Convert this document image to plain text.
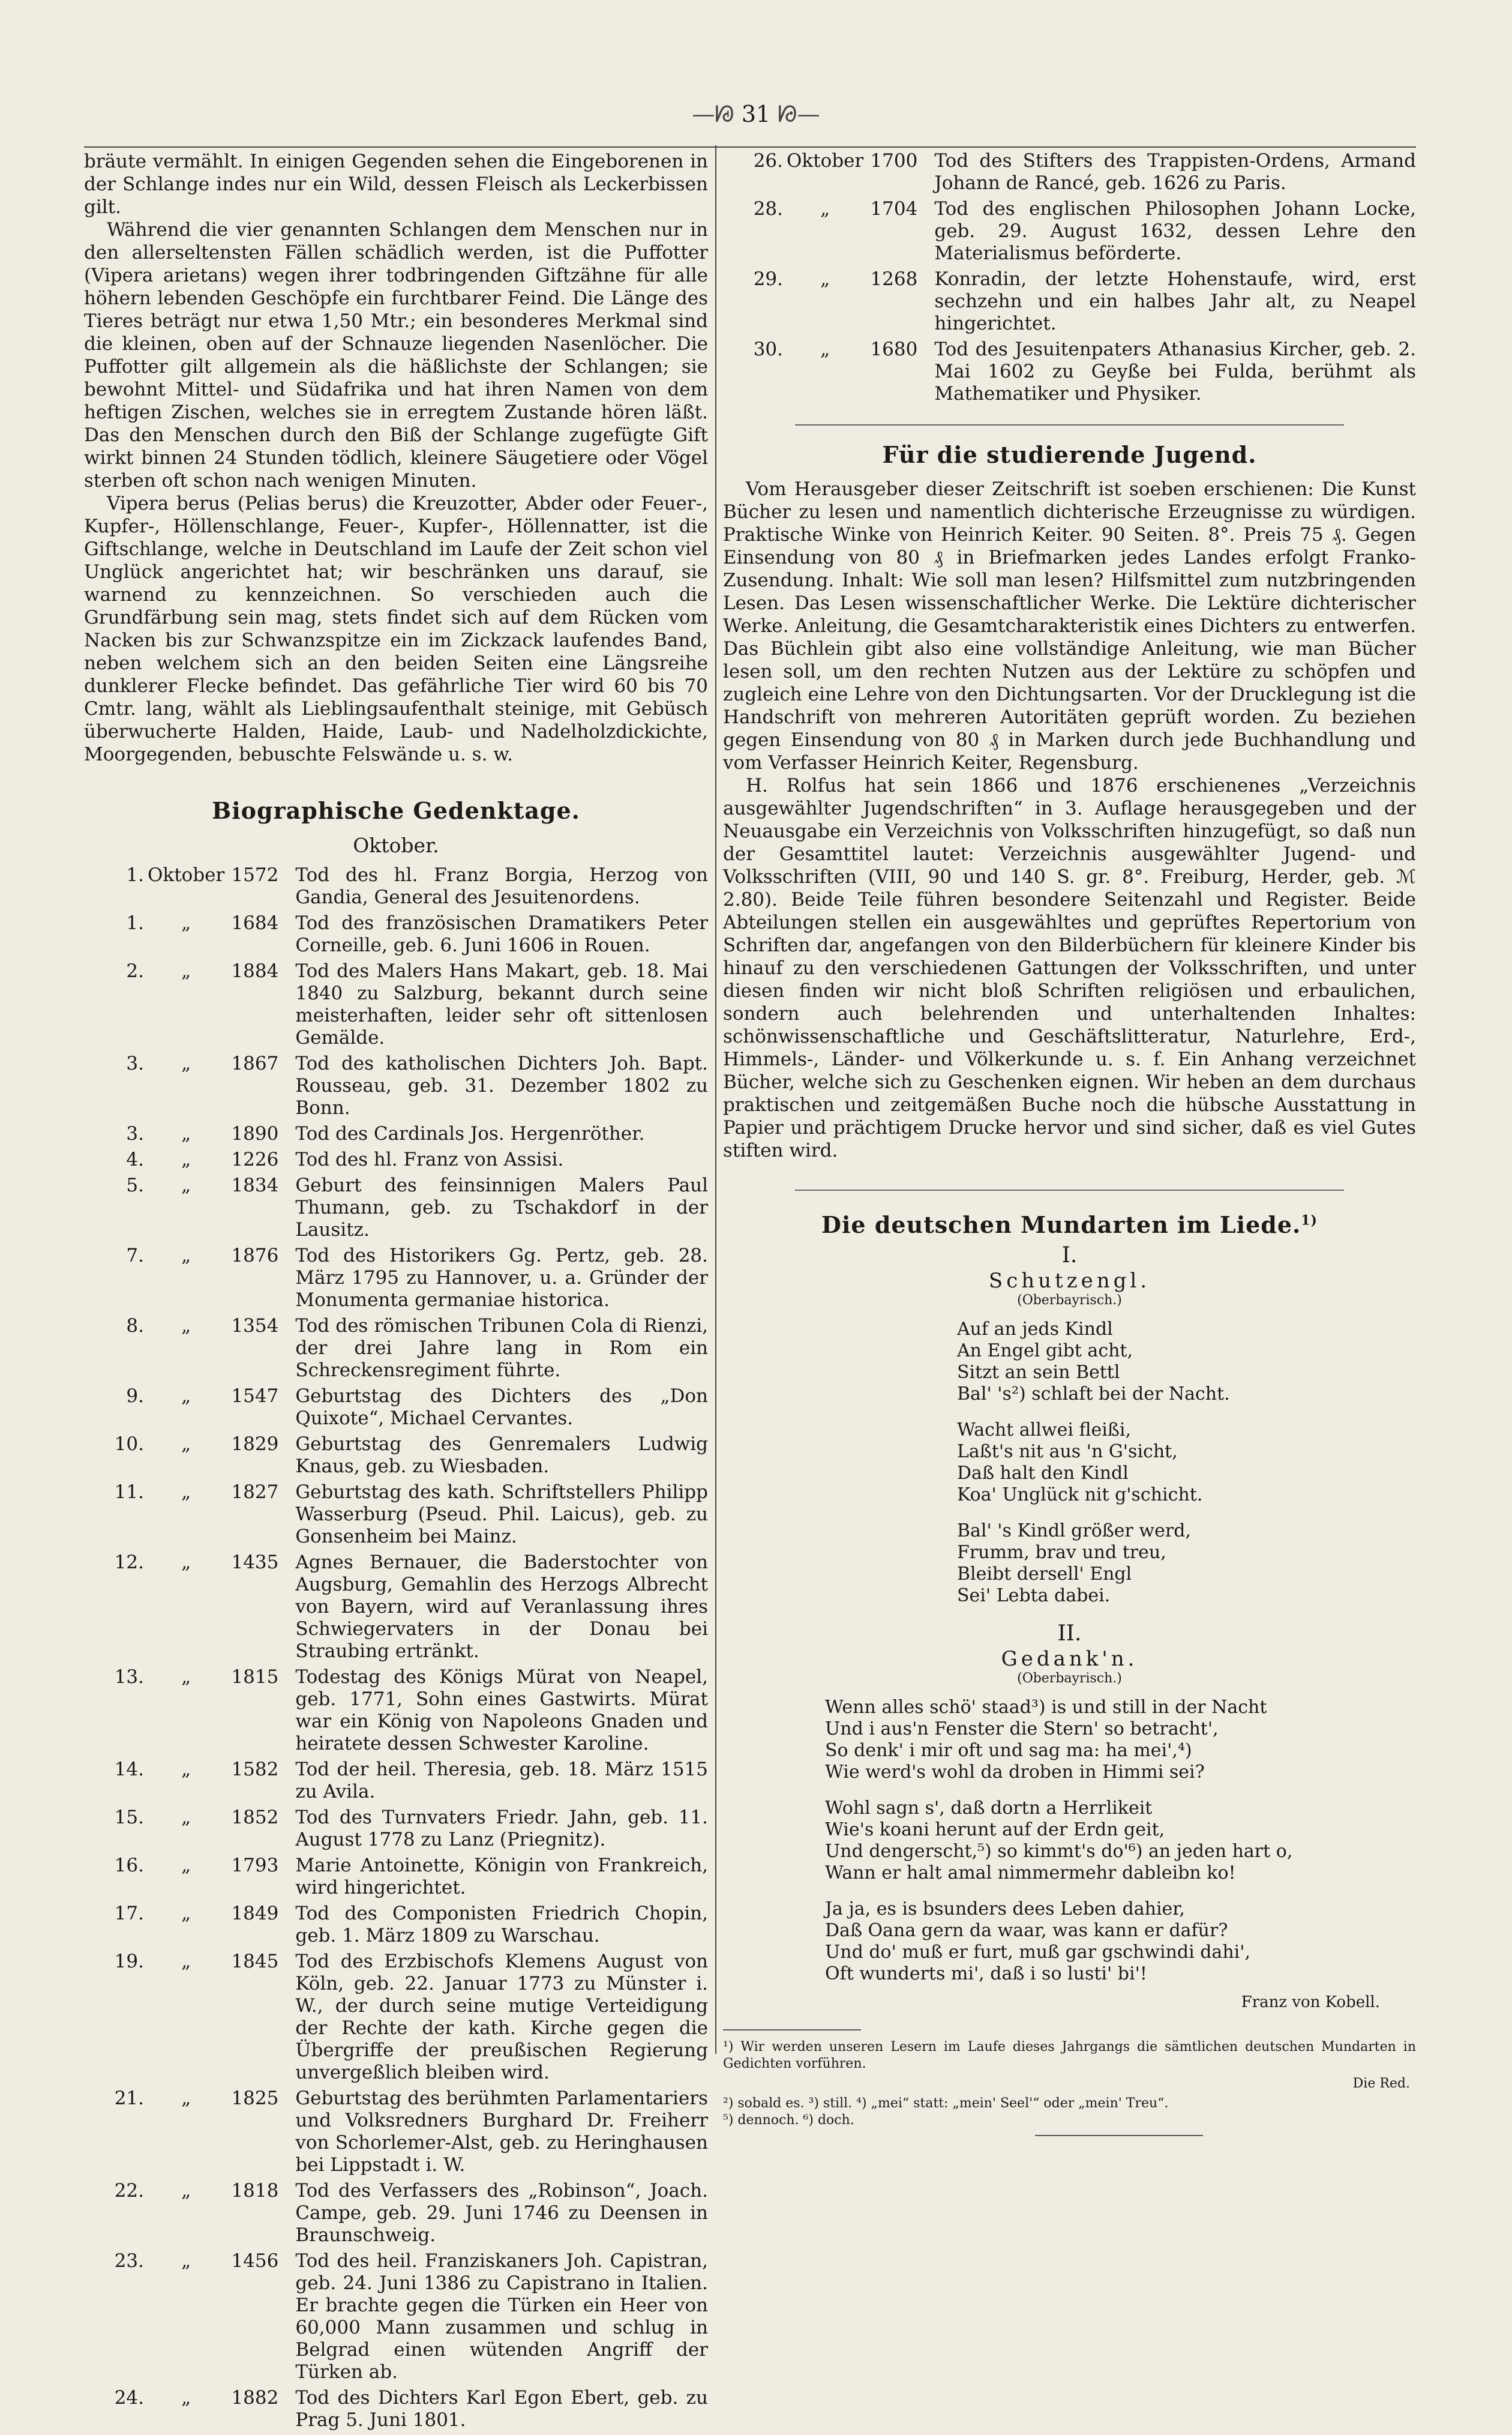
—ᘘ 31 ᘙ—

bräute vermählt. In einigen Gegenden sehen die Eingeborenen in der Schlange indes nur ein Wild, dessen Fleisch als Leckerbissen gilt.

Während die vier genannten Schlangen dem Menschen nur in den allerseltensten Fällen schädlich werden, ist die Puffotter (Vipera arietans) wegen ihrer todbringenden Giftzähne für alle höhern lebenden Geschöpfe ein furchtbarer Feind. Die Länge des Tieres beträgt nur etwa 1,50 Mtr.; ein besonderes Merkmal sind die kleinen, oben auf der Schnauze liegenden Nasenlöcher. Die Puffotter gilt allgemein als die häßlichste der Schlangen; sie bewohnt Mittel- und Südafrika und hat ihren Namen von dem heftigen Zischen, welches sie in erregtem Zustande hören läßt. Das den Menschen durch den Biß der Schlange zugefügte Gift wirkt binnen 24 Stunden tödlich, kleinere Säugetiere oder Vögel sterben oft schon nach wenigen Minuten.

Vipera berus (Pelias berus) die Kreuzotter, Abder oder Feuer-, Kupfer-, Höllenschlange, Feuer-, Kupfer-, Höllennatter, ist die Giftschlange, welche in Deutschland im Laufe der Zeit schon viel Unglück angerichtet hat; wir beschränken uns darauf, sie warnend zu kennzeichnen. So verschieden auch die Grundfärbung sein mag, stets findet sich auf dem Rücken vom Nacken bis zur Schwanzspitze ein im Zickzack laufendes Band, neben welchem sich an den beiden Seiten eine Längsreihe dunklerer Flecke befindet. Das gefährliche Tier wird 60 bis 70 Cmtr. lang, wählt als Lieblingsaufenthalt steinige, mit Gebüsch überwucherte Halden, Haide, Laub- und Nadelholzdickichte, Moorgegenden, bebuschte Felswände u. s. w.

Biographische Gedenktage.
Oktober.
1.	Oktober	1572	Tod des hl. Franz Borgia, Herzog von Gandia, General des Jesuitenordens.
1.	„	1684	Tod des französischen Dramatikers Peter Corneille, geb. 6. Juni 1606 in Rouen.
2.	„	1884	Tod des Malers Hans Makart, geb. 18. Mai 1840 zu Salzburg, bekannt durch seine meisterhaften, leider sehr oft sittenlosen Gemälde.
3.	„	1867	Tod des katholischen Dichters Joh. Bapt. Rousseau, geb. 31. Dezember 1802 zu Bonn.
3.	„	1890	Tod des Cardinals Jos. Hergenröther.
4.	„	1226	Tod des hl. Franz von Assisi.
5.	„	1834	Geburt des feinsinnigen Malers Paul Thumann, geb. zu Tschakdorf in der Lausitz.
7.	„	1876	Tod des Historikers Gg. Pertz, geb. 28. März 1795 zu Hannover, u. a. Gründer der Monumenta germaniae historica.
8.	„	1354	Tod des römischen Tribunen Cola di Rienzi, der drei Jahre lang in Rom ein Schreckensregiment führte.
9.	„	1547	Geburtstag des Dichters des „Don Quixote“, Michael Cervantes.
10.	„	1829	Geburtstag des Genremalers Ludwig Knaus, geb. zu Wiesbaden.
11.	„	1827	Geburtstag des kath. Schriftstellers Philipp Wasserburg (Pseud. Phil. Laicus), geb. zu Gonsenheim bei Mainz.
12.	„	1435	Agnes Bernauer, die Baderstochter von Augsburg, Gemahlin des Herzogs Albrecht von Bayern, wird auf Veranlassung ihres Schwiegervaters in der Donau bei Straubing ertränkt.
13.	„	1815	Todestag des Königs Mürat von Neapel, geb. 1771, Sohn eines Gastwirts. Mürat war ein König von Napoleons Gnaden und heiratete dessen Schwester Karoline.
14.	„	1582	Tod der heil. Theresia, geb. 18. März 1515 zu Avila.
15.	„	1852	Tod des Turnvaters Friedr. Jahn, geb. 11. August 1778 zu Lanz (Priegnitz).
16.	„	1793	Marie Antoinette, Königin von Frankreich, wird hingerichtet.
17.	„	1849	Tod des Componisten Friedrich Chopin, geb. 1. März 1809 zu Warschau.
19.	„	1845	Tod des Erzbischofs Klemens August von Köln, geb. 22. Januar 1773 zu Münster i. W., der durch seine mutige Verteidigung der Rechte der kath. Kirche gegen die Übergriffe der preußischen Regierung unvergeßlich bleiben wird.
21.	„	1825	Geburtstag des berühmten Parlamentariers und Volksredners Burghard Dr. Freiherr von Schorlemer-Alst, geb. zu Heringhausen bei Lippstadt i. W.
22.	„	1818	Tod des Verfassers des „Robinson“, Joach. Campe, geb. 29. Juni 1746 zu Deensen in Braunschweig.
23.	„	1456	Tod des heil. Franziskaners Joh. Capistran, geb. 24. Juni 1386 zu Capistrano in Italien. Er brachte gegen die Türken ein Heer von 60,000 Mann zusammen und schlug in Belgrad einen wütenden Angriff der Türken ab.
24.	„	1882	Tod des Dichters Karl Egon Ebert, geb. zu Prag 5. Juni 1801.
26.	Oktober	1700	Tod des Stifters des Trappisten-Ordens, Armand Johann de Rancé, geb. 1626 zu Paris.
28.	„	1704	Tod des englischen Philosophen Johann Locke, geb. 29. August 1632, dessen Lehre den Materialismus beförderte.
29.	„	1268	Konradin, der letzte Hohenstaufe, wird, erst sechzehn und ein halbes Jahr alt, zu Neapel hingerichtet.
30.	„	1680	Tod des Jesuitenpaters Athanasius Kircher, geb. 2. Mai 1602 zu Geyße bei Fulda, berühmt als Mathematiker und Physiker.
Für die studierende Jugend.

Vom Herausgeber dieser Zeitschrift ist soeben erschienen: Die Kunst Bücher zu lesen und namentlich dichterische Erzeugnisse zu würdigen. Praktische Winke von Heinrich Keiter. 90 Seiten. 8°. Preis 75 ₰. Gegen Einsendung von 80 ₰ in Briefmarken jedes Landes erfolgt Franko-Zusendung. Inhalt: Wie soll man lesen? Hilfsmittel zum nutzbringenden Lesen. Das Lesen wissenschaftlicher Werke. Die Lektüre dichterischer Werke. Anleitung, die Gesamtcharakteristik eines Dichters zu entwerfen. Das Büchlein gibt also eine vollständige Anleitung, wie man Bücher lesen soll, um den rechten Nutzen aus der Lektüre zu schöpfen und zugleich eine Lehre von den Dichtungsarten. Vor der Drucklegung ist die Handschrift von mehreren Autoritäten geprüft worden. Zu beziehen gegen Einsendung von 80 ₰ in Marken durch jede Buchhandlung und vom Verfasser Heinrich Keiter, Regensburg.

H. Rolfus hat sein 1866 und 1876 erschienenes „Verzeichnis ausgewählter Jugendschriften“ in 3. Auflage herausgegeben und der Neuausgabe ein Verzeichnis von Volksschriften hinzugefügt, so daß nun der Gesamttitel lautet: Verzeichnis ausgewählter Jugend- und Volksschriften (VIII, 90 und 140 S. gr. 8°. Freiburg, Herder, geb. ℳ 2.80). Beide Teile führen besondere Seitenzahl und Register. Beide Abteilungen stellen ein ausgewähltes und geprüftes Repertorium von Schriften dar, angefangen von den Bilderbüchern für kleinere Kinder bis hinauf zu den verschiedenen Gattungen der Volksschriften, und unter diesen finden wir nicht bloß Schriften religiösen und erbaulichen, sondern auch belehrenden und unterhaltenden Inhaltes: schönwissenschaftliche und Geschäftslitteratur, Naturlehre, Erd-, Himmels-, Länder- und Völkerkunde u. s. f. Ein Anhang verzeichnet Bücher, welche sich zu Geschenken eignen. Wir heben an dem durchaus praktischen und zeitgemäßen Buche noch die hübsche Ausstattung in Papier und prächtigem Drucke hervor und sind sicher, daß es viel Gutes stiften wird.

Die deutschen Mundarten im Liede.$^{1)}$
I.
Schutzengl.
(Oberbayrisch.)
Auf an jeds Kindl
An Engel gibt acht,
Sitzt an sein Bettl
Bal' 's²) schlaft bei der Nacht.
Wacht allwei fleißi,
Laßt's nit aus 'n G'sicht,
Daß halt den Kindl
Koa' Unglück nit g'schicht.
Bal' 's Kindl größer werd,
Frumm, brav und treu,
Bleibt dersell' Engl
Sei' Lebta dabei.
II.
Gedank'n.
(Oberbayrisch.)
Wenn alles schö' staad³) is und still in der Nacht
Und i aus'n Fenster die Stern' so betracht',
So denk' i mir oft und sag ma: ha mei',⁴)
Wie werd's wohl da droben in Himmi sei?
Wohl sagn s', daß dortn a Herrlikeit
Wie's koani herunt auf der Erdn geit,
Und dengerscht,⁵) so kimmt's do'⁶) an jeden hart o,
Wann er halt amal nimmermehr dableibn ko!
Ja ja, es is bsunders dees Leben dahier,
Daß Oana gern da waar, was kann er dafür?
Und do' muß er furt, muß gar gschwindi dahi',
Oft wunderts mi', daß i so lusti' bi'!
Franz von Kobell.

¹) Wir werden unseren Lesern im Laufe dieses Jahrgangs die sämtlichen deutschen Mundarten in Gedichten vorführen.

Die Red.

²) sobald es. ³) still. ⁴) „mei“ statt: „mein' Seel'“ oder „mein' Treu“.

⁵) dennoch. ⁶) doch.
